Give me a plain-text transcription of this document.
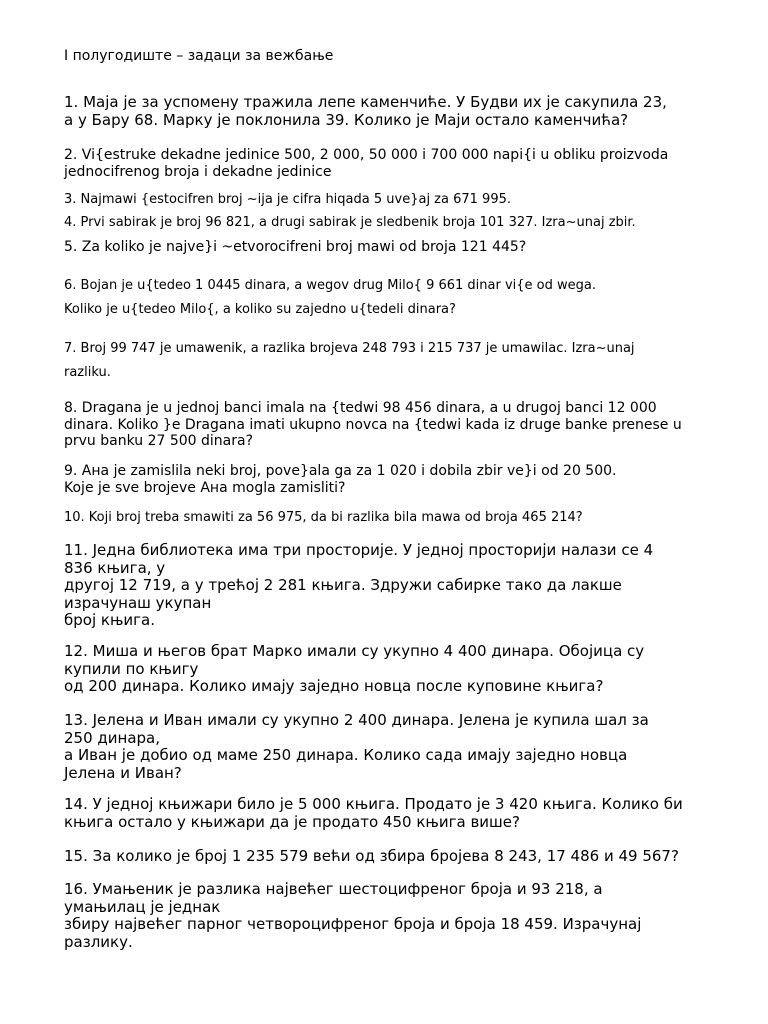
I полугодиште – задаци за вежбање
1. Маја је за успомену тражила лепе каменчиће. У Будви их је сакупила 23,
а у Бару 68. Марку је поклонила 39. Колико је Маји остало каменчића?
2. Vi{estruke dekadne jedinice 500, 2 000, 50 000 i 700 000 napi{i u obliku proizvoda
jednocifrenog broja i dekadne jedinice
3. Najmawi {estocifren broj ~ija je cifra hiqada 5 uve}aj za 671 995.
4. Prvi sabirak je broj 96 821, a drugi sabirak je sledbenik broja 101 327. Izra~unaj zbir.
5. Za koliko je najve}i ~etvorocifreni broj mawi od broja 121 445?
6. Bojan je u{tedeo 1 0445 dinara, a wegov drug Milo{ 9 661 dinar vi{e od wega.
Koliko je u{tedeo Milo{, a koliko su zajedno u{tedeli dinara?
7. Broj 99 747 je umawenik, a razlika brojeva 248 793 i 215 737 je umawilac. Izra~unaj
razliku.
8. Dragana je u jednoj banci imala na {tedwi 98 456 dinara, a u drugoj banci 12 000
dinara. Koliko }e Dragana imati ukupno novca na {tedwi kada iz druge banke prenese u
prvu banku 27 500 dinara?
9. Ана je zamislila neki broj, pove}ala ga za 1 020 i dobila zbir ve}i od 20 500.
Koje je sve brojeve Ана mogla zamisliti?
10. Koji broj treba smawiti za 56 975, da bi razlika bila mawa od broja 465 214?
11. Једна библиотека има три просторије. У једној просторији налази се 4
836 књига, у
другој 12 719, а у трећој 2 281 књига. Здружи сабирке тако да лакше
израчунаш укупан
број књига.
12. Миша и његов брат Марко имали су укупно 4 400 динара. Обојица су
купили по књигу
од 200 динара. Колико имају заједно новца после куповине књига?
13. Јелена и Иван имали су укупно 2 400 динара. Јелена је купила шал за
250 динара,
а Иван је добио од маме 250 динара. Колико сада имају заједно новца
Јелена и Иван?
14. У једној књижари било је 5 000 књига. Продато је 3 420 књига. Колико би
књига остало у књижари да је продато 450 књига више?
15. За колико је број 1 235 579 већи од збира бројева 8 243, 17 486 и 49 567?
16. Умањеник је разлика највећег шестоцифреног броја и 93 218, а
умањилац је једнак
збиру највећег парног четвороцифреног броја и броја 18 459. Израчунај
разлику.
